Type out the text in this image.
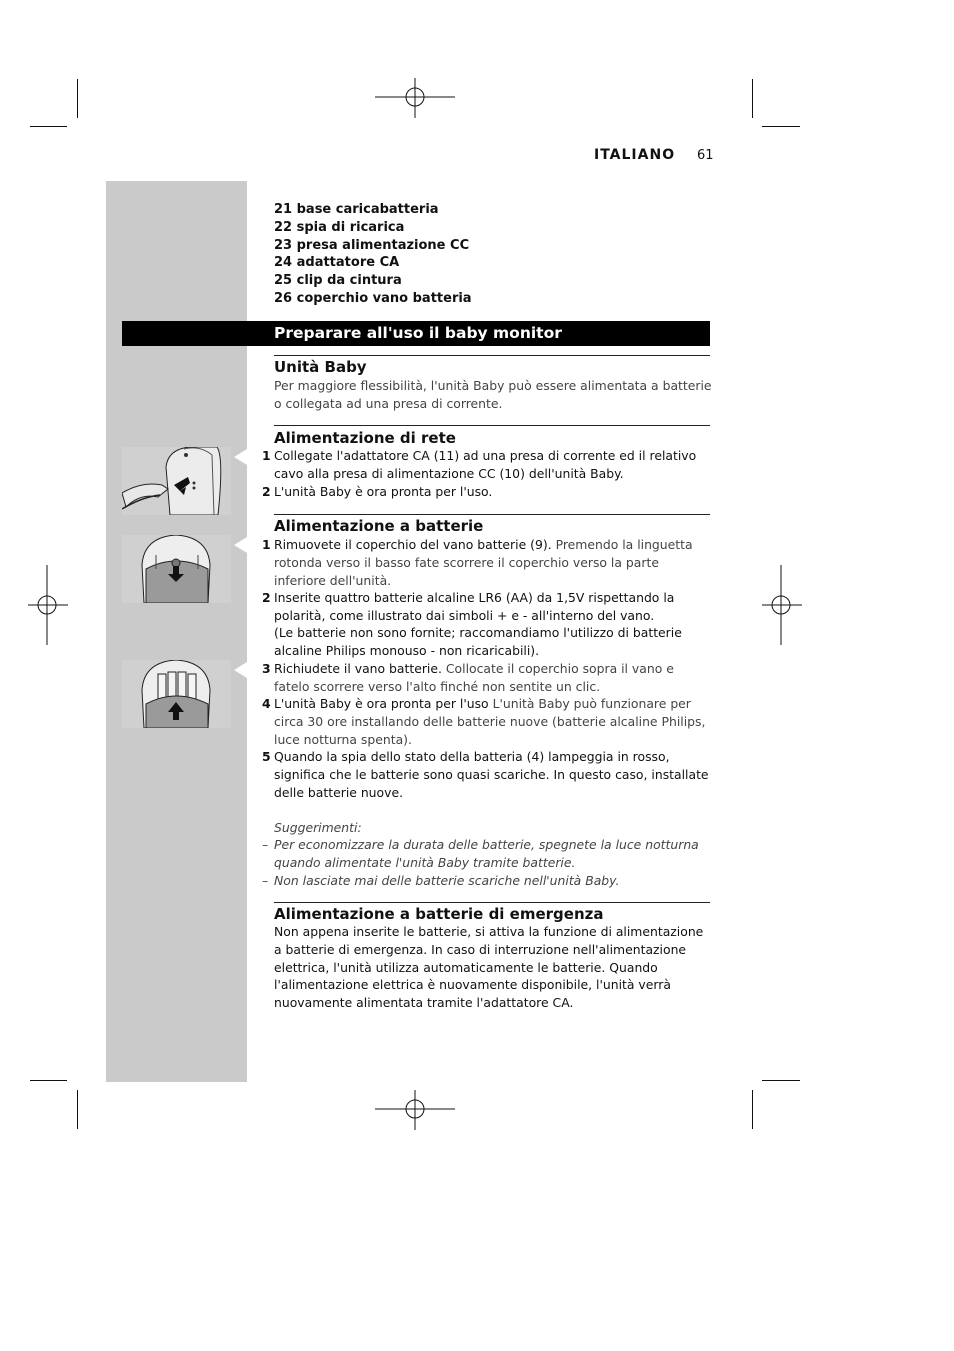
ITALIANO 61
21 base caricabatteria
22 spia di ricarica
23 presa alimentazione CC
24 adattatore CA
25 clip da cintura
26 coperchio vano batteria
Preparare all'uso il baby monitor
Unità Baby
Per maggiore flessibilità, l'unità Baby può essere alimentata a batterie o collegata ad una presa di corrente.
Alimentazione di rete
1 Collegate l'adattatore CA (11) ad una presa di corrente ed il relativo cavo alla presa di alimentazione CC (10) dell'unità Baby.
2 L'unità Baby è ora pronta per l'uso.
Alimentazione a batterie
1 Rimuovete il coperchio del vano batterie (9). Premendo la linguetta rotonda verso il basso fate scorrere il coperchio verso la parte inferiore dell'unità.
2 Inserite quattro batterie alcaline LR6 (AA) da 1,5V rispettando la polarità, come illustrato dai simboli + e - all'interno del vano.
(Le batterie non sono fornite; raccomandiamo l'utilizzo di batterie alcaline Philips monouso - non ricaricabili).
3 Richiudete il vano batterie. Collocate il coperchio sopra il vano e fatelo scorrere verso l'alto finché non sentite un clic.
4 L'unità Baby è ora pronta per l'uso L'unità Baby può funzionare per circa 30 ore installando delle batterie nuove (batterie alcaline Philips, luce notturna spenta).
5 Quando la spia dello stato della batteria (4) lampeggia in rosso, significa che le batterie sono quasi scariche. In questo caso, installate delle batterie nuove.
Suggerimenti:
– Per economizzare la durata delle batterie, spegnete la luce notturna quando alimentate l'unità Baby tramite batterie.
– Non lasciate mai delle batterie scariche nell'unità Baby.
Alimentazione a batterie di emergenza
Non appena inserite le batterie, si attiva la funzione di alimentazione a batterie di emergenza. In caso di interruzione nell'alimentazione elettrica, l'unità utilizza automaticamente le batterie. Quando l'alimentazione elettrica è nuovamente disponibile, l'unità verrà nuovamente alimentata tramite l'adattatore CA.
